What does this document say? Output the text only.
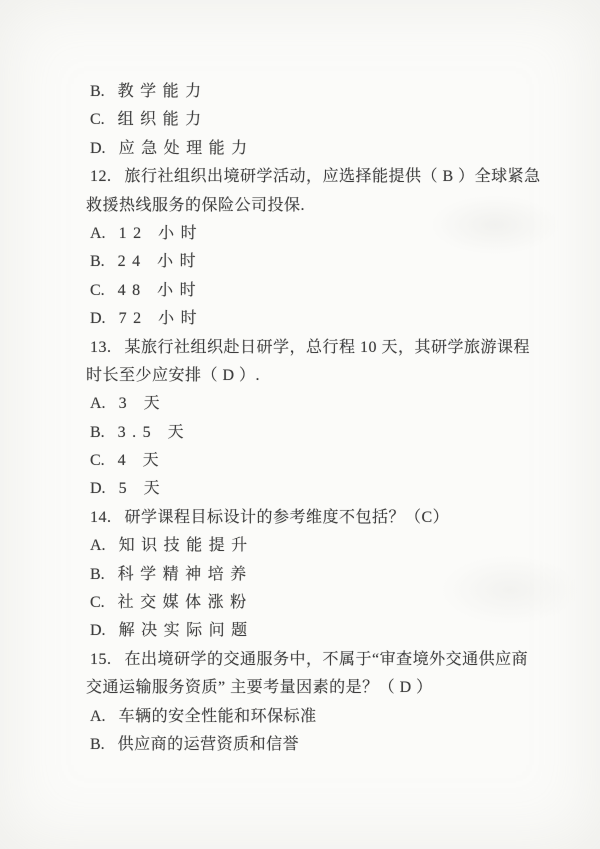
B. 教学能力
C. 组织能力
D. 应急处理能力
12. 旅行社组织出境研学活动，应选择能提供（ B ）全球紧急
救援热线服务的保险公司投保.
A. 12 小时
B. 24 小时
C. 48 小时
D. 72 小时
13. 某旅行社组织赴日研学，总行程 10 天，其研学旅游课程
时长至少应安排（ D ）.
A. 3 天
B. 3.5 天
C. 4 天
D. 5 天
14. 研学课程目标设计的参考维度不包括？（C）
A. 知识技能提升
B. 科学精神培养
C. 社交媒体涨粉
D. 解决实际问题
15. 在出境研学的交通服务中，不属于“审查境外交通供应商
交通运输服务资质” 主要考量因素的是？（ D ）
A. 车辆的安全性能和环保标准
B. 供应商的运营资质和信誉
